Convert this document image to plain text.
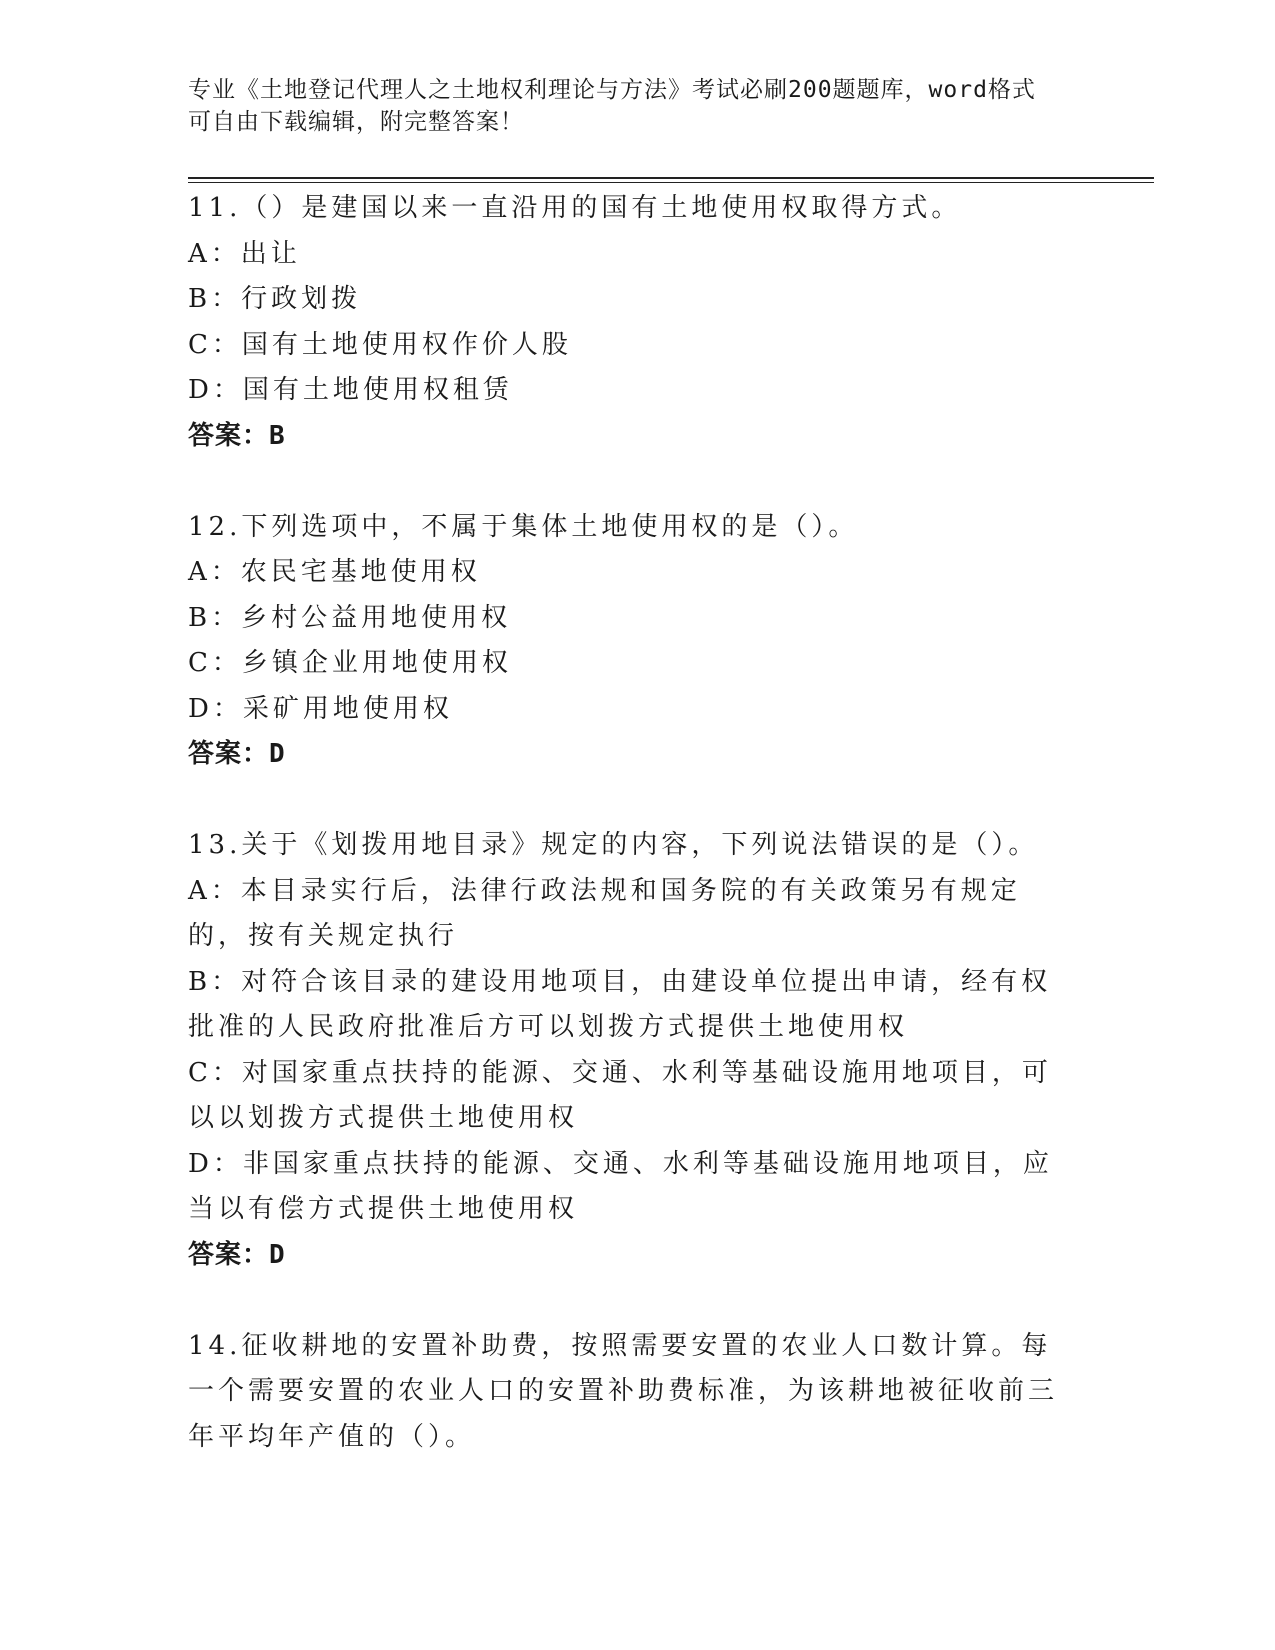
专业《土地登记代理人之土地权利理论与方法》考试必刷200题题库，word格式
可自由下载编辑，附完整答案！

11.（）是建国以来一直沿用的国有土地使用权取得方式。

A：出让

B：行政划拨

C：国有土地使用权作价人股

D：国有土地使用权租赁

答案：B

12.下列选项中，不属于集体土地使用权的是（）。

A：农民宅基地使用权

B：乡村公益用地使用权

C：乡镇企业用地使用权

D：采矿用地使用权

答案：D

13.关于《划拨用地目录》规定的内容，下列说法错误的是（）。

A：本目录实行后，法律行政法规和国务院的有关政策另有规定的，按有关规定执行

B：对符合该目录的建设用地项目，由建设单位提出申请，经有权批准的人民政府批准后方可以划拨方式提供土地使用权

C：对国家重点扶持的能源、交通、水利等基础设施用地项目，可以以划拨方式提供土地使用权

D：非国家重点扶持的能源、交通、水利等基础设施用地项目，应当以有偿方式提供土地使用权

答案：D

14.征收耕地的安置补助费，按照需要安置的农业人口数计算。每一个需要安置的农业人口的安置补助费标准，为该耕地被征收前三年平均年产值的（）。
